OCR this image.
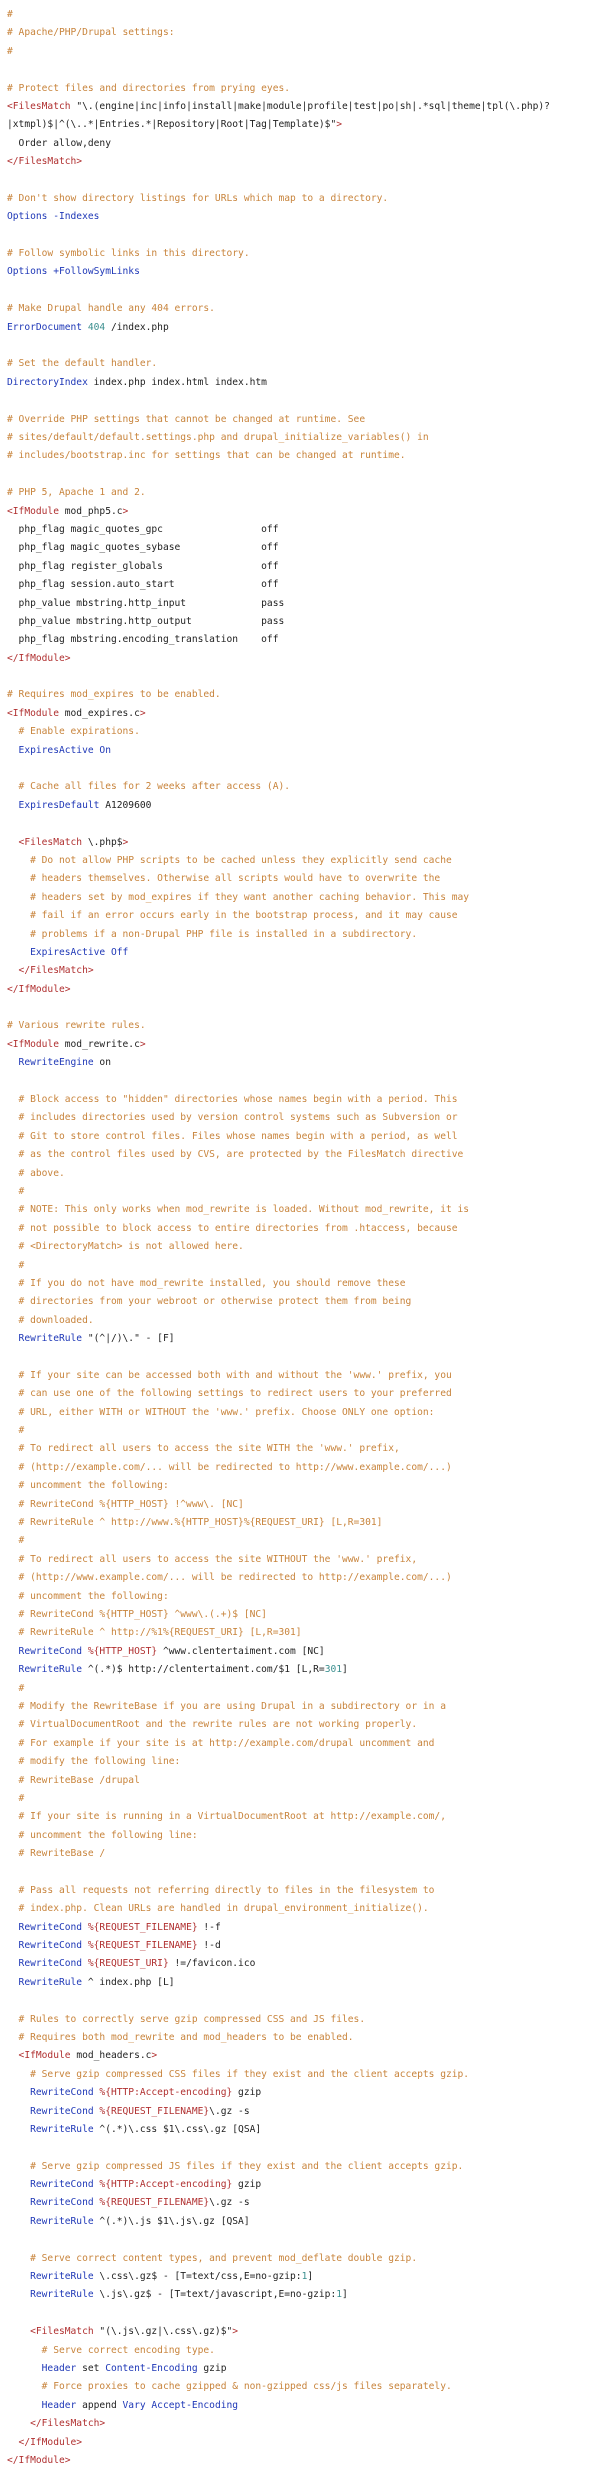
#
# Apache/PHP/Drupal settings:
#
# Protect files and directories from prying eyes.
<FilesMatch "\.(engine|inc|info|install|make|module|profile|test|po|sh|.*sql|theme|tpl(\.php)?
|xtmpl)$|^(\..*|Entries.*|Repository|Root|Tag|Template)$">
Order allow,deny
</FilesMatch>
# Don't show directory listings for URLs which map to a directory.
Options -Indexes
# Follow symbolic links in this directory.
Options +FollowSymLinks
# Make Drupal handle any 404 errors.
ErrorDocument 404 /index.php
# Set the default handler.
DirectoryIndex index.php index.html index.htm
# Override PHP settings that cannot be changed at runtime. See
# sites/default/default.settings.php and drupal_initialize_variables() in
# includes/bootstrap.inc for settings that can be changed at runtime.
# PHP 5, Apache 1 and 2.
<IfModule mod_php5.c>
php_flag magic_quotes_gpc                 off
php_flag magic_quotes_sybase              off
php_flag register_globals                 off
php_flag session.auto_start               off
php_value mbstring.http_input             pass
php_value mbstring.http_output            pass
php_flag mbstring.encoding_translation    off
</IfModule>
# Requires mod_expires to be enabled.
<IfModule mod_expires.c>
# Enable expirations.
ExpiresActive On
# Cache all files for 2 weeks after access (A).
ExpiresDefault A1209600
<FilesMatch \.php$>
# Do not allow PHP scripts to be cached unless they explicitly send cache
# headers themselves. Otherwise all scripts would have to overwrite the
# headers set by mod_expires if they want another caching behavior. This may
# fail if an error occurs early in the bootstrap process, and it may cause
# problems if a non-Drupal PHP file is installed in a subdirectory.
ExpiresActive Off
</FilesMatch>
</IfModule>
# Various rewrite rules.
<IfModule mod_rewrite.c>
RewriteEngine on
# Block access to "hidden" directories whose names begin with a period. This
# includes directories used by version control systems such as Subversion or
# Git to store control files. Files whose names begin with a period, as well
# as the control files used by CVS, are protected by the FilesMatch directive
# above.
#
# NOTE: This only works when mod_rewrite is loaded. Without mod_rewrite, it is
# not possible to block access to entire directories from .htaccess, because
# <DirectoryMatch> is not allowed here.
#
# If you do not have mod_rewrite installed, you should remove these
# directories from your webroot or otherwise protect them from being
# downloaded.
RewriteRule "(^|/)\." - [F]
# If your site can be accessed both with and without the 'www.' prefix, you
# can use one of the following settings to redirect users to your preferred
# URL, either WITH or WITHOUT the 'www.' prefix. Choose ONLY one option:
#
# To redirect all users to access the site WITH the 'www.' prefix,
# (http://example.com/... will be redirected to http://www.example.com/...)
# uncomment the following:
# RewriteCond %{HTTP_HOST} !^www\. [NC]
# RewriteRule ^ http://www.%{HTTP_HOST}%{REQUEST_URI} [L,R=301]
#
# To redirect all users to access the site WITHOUT the 'www.' prefix,
# (http://www.example.com/... will be redirected to http://example.com/...)
# uncomment the following:
# RewriteCond %{HTTP_HOST} ^www\.(.+)$ [NC]
# RewriteRule ^ http://%1%{REQUEST_URI} [L,R=301]
RewriteCond %{HTTP_HOST} ^www.clentertaiment.com [NC]
RewriteRule ^(.*)$ http://clentertaiment.com/$1 [L,R=301]
#
# Modify the RewriteBase if you are using Drupal in a subdirectory or in a
# VirtualDocumentRoot and the rewrite rules are not working properly.
# For example if your site is at http://example.com/drupal uncomment and
# modify the following line:
# RewriteBase /drupal
#
# If your site is running in a VirtualDocumentRoot at http://example.com/,
# uncomment the following line:
# RewriteBase /
# Pass all requests not referring directly to files in the filesystem to
# index.php. Clean URLs are handled in drupal_environment_initialize().
RewriteCond %{REQUEST_FILENAME} !-f
RewriteCond %{REQUEST_FILENAME} !-d
RewriteCond %{REQUEST_URI} !=/favicon.ico
RewriteRule ^ index.php [L]
# Rules to correctly serve gzip compressed CSS and JS files.
# Requires both mod_rewrite and mod_headers to be enabled.
<IfModule mod_headers.c>
# Serve gzip compressed CSS files if they exist and the client accepts gzip.
RewriteCond %{HTTP:Accept-encoding} gzip
RewriteCond %{REQUEST_FILENAME}\.gz -s
RewriteRule ^(.*)\.css $1\.css\.gz [QSA]
# Serve gzip compressed JS files if they exist and the client accepts gzip.
RewriteCond %{HTTP:Accept-encoding} gzip
RewriteCond %{REQUEST_FILENAME}\.gz -s
RewriteRule ^(.*)\.js $1\.js\.gz [QSA]
# Serve correct content types, and prevent mod_deflate double gzip.
RewriteRule \.css\.gz$ - [T=text/css,E=no-gzip:1]
RewriteRule \.js\.gz$ - [T=text/javascript,E=no-gzip:1]
<FilesMatch "(\.js\.gz|\.css\.gz)$">
# Serve correct encoding type.
Header set Content-Encoding gzip
# Force proxies to cache gzipped & non-gzipped css/js files separately.
Header append Vary Accept-Encoding
</FilesMatch>
</IfModule>
</IfModule>
